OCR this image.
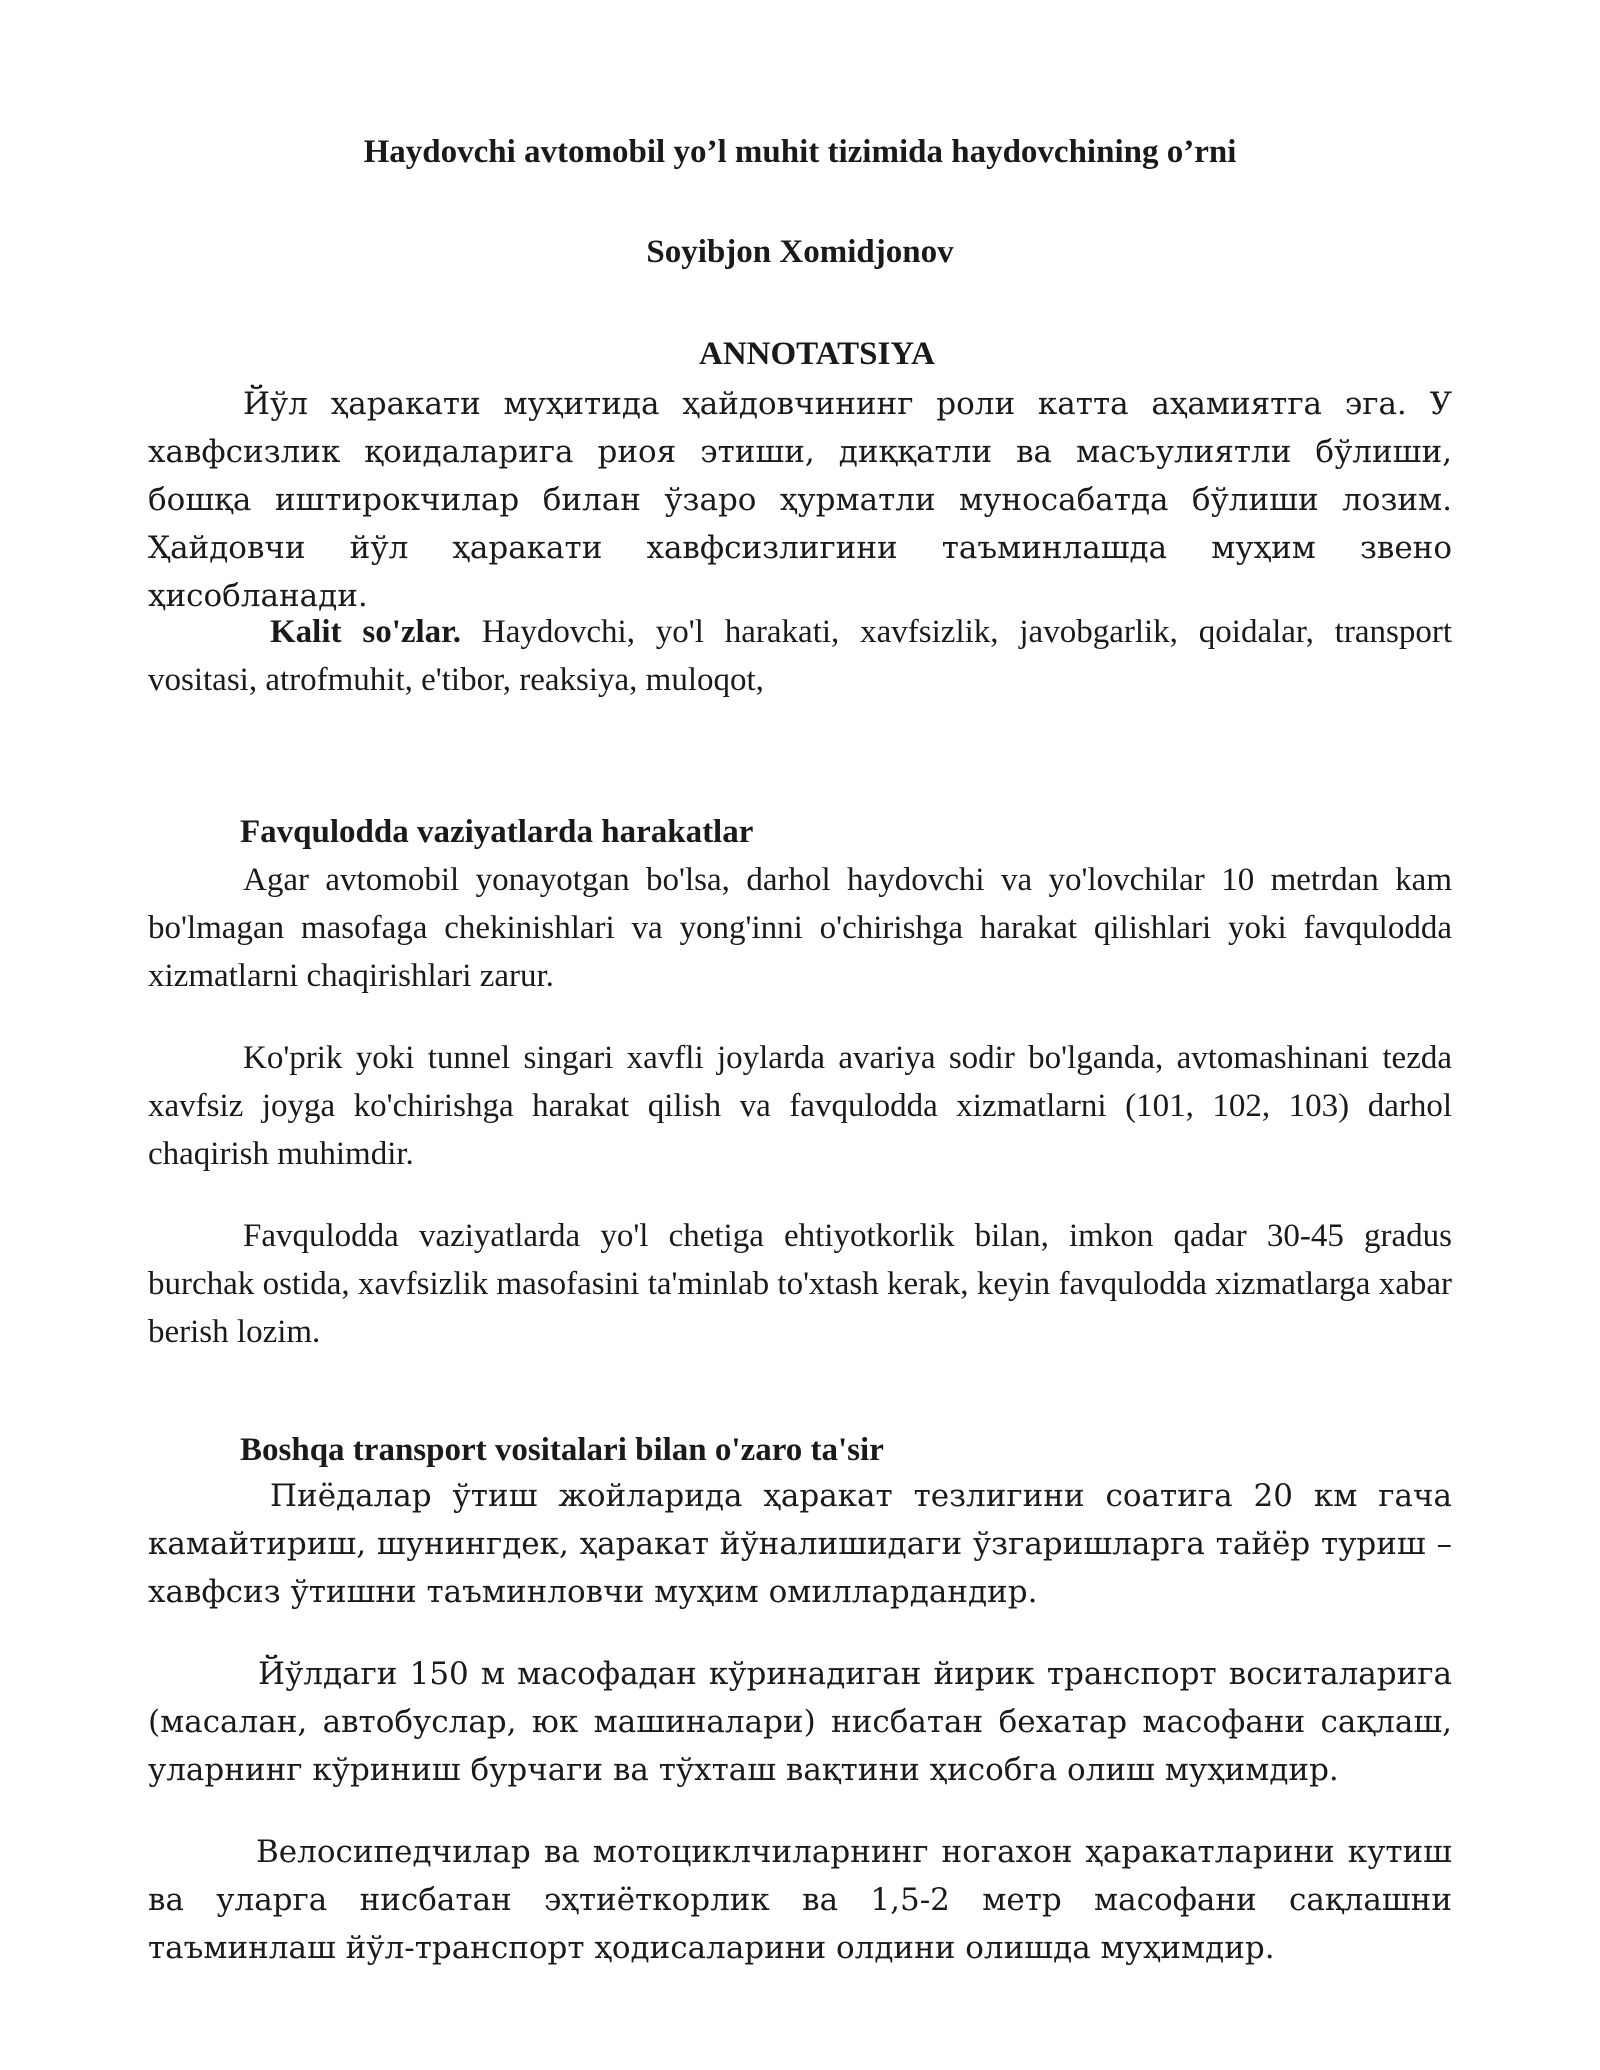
Haydovchi avtomobil yo’l muhit tizimida haydovchining o’rni
Soyibjon Xomidjonov
ANNOTATSIYA

Йўл ҳаракати муҳитида ҳайдовчининг роли катта аҳамиятга эга. У хавфсизлик қоидаларига риоя этиши, диққатли ва масъулиятли бўлиши, бошқа иштирокчилар билан ўзаро ҳурматли муносабатда бўлиши лозим. Ҳайдовчи йўл ҳаракати хавфсизлигини таъминлашда муҳим звено ҳисобланади.

Kalit so'zlar. Haydovchi, yo'l harakati, xavfsizlik, javobgarlik, qoidalar, transport vositasi, atrofmuhit, e'tibor, reaksiya, muloqot,

Favqulodda vaziyatlarda harakatlar

Agar avtomobil yonayotgan bo'lsa, darhol haydovchi va yo'lovchilar 10 metrdan kam bo'lmagan masofaga chekinishlari va yong'inni o'chirishga harakat qilishlari yoki favqulodda xizmatlarni chaqirishlari zarur.

Ko'prik yoki tunnel singari xavfli joylarda avariya sodir bo'lganda, avtomashinani tezda xavfsiz joyga ko'chirishga harakat qilish va favqulodda xizmatlarni (101, 102, 103) darhol chaqirish muhimdir.

Favqulodda vaziyatlarda yo'l chetiga ehtiyotkorlik bilan, imkon qadar 30-45 gradus burchak ostida, xavfsizlik masofasini ta'minlab to'xtash kerak, keyin favqulodda xizmatlarga xabar berish lozim.

Boshqa transport vositalari bilan o'zaro ta'sir

Пиёдалар ўтиш жойларида ҳаракат тезлигини соатига 20 км гача камайтириш, шунингдек, ҳаракат йўналишидаги ўзгаришларга тайёр туриш – хавфсиз ўтишни таъминловчи муҳим омиллардандир.

Йўлдаги 150 м масофадан кўринадиган йирик транспорт воситаларига (масалан, автобуслар, юк машиналари) нисбатан бехатар масофани сақлаш, уларнинг кўриниш бурчаги ва тўхташ вақтини ҳисобга олиш муҳимдир.

Велосипедчилар ва мотоциклчиларнинг ногахон ҳаракатларини кутиш ва уларга нисбатан эҳтиёткорлик ва 1,5-2 метр масофани сақлашни таъминлаш йўл-транспорт ҳодисаларини олдини олишда муҳимдир.
